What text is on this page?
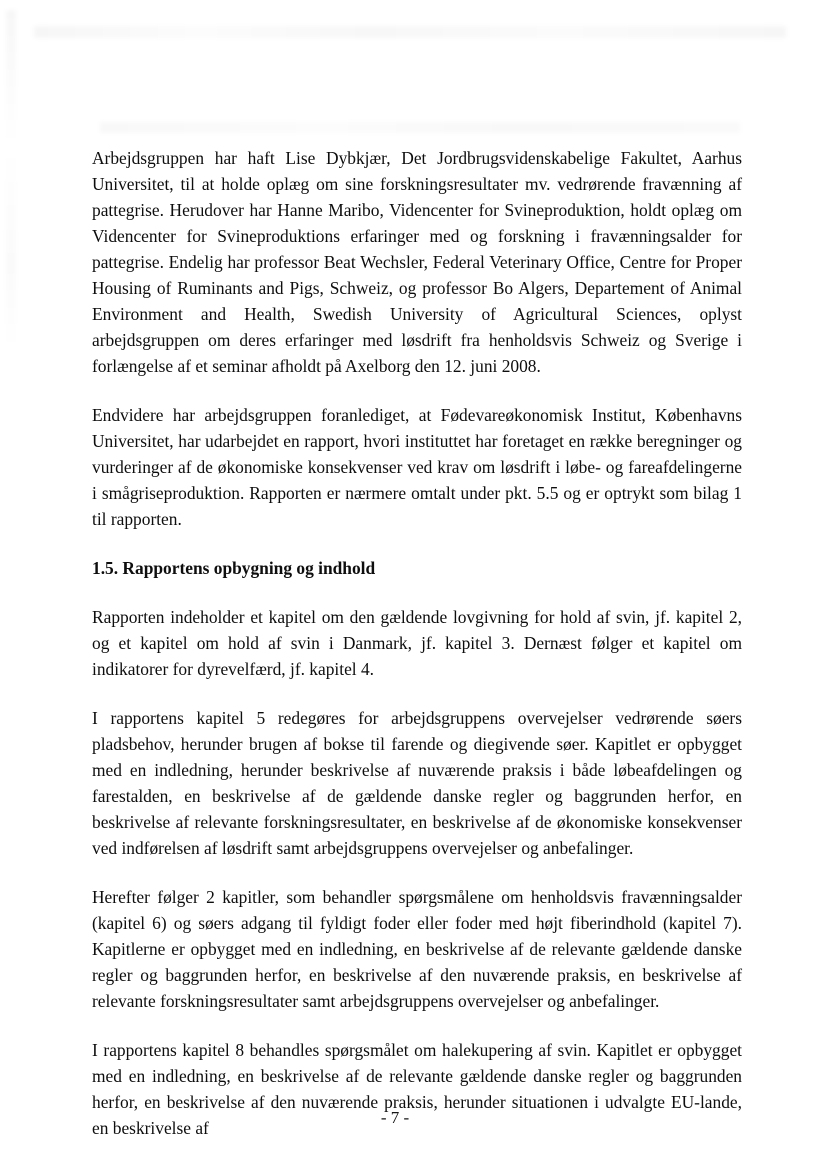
Arbejdsgruppen har haft Lise Dybkjær, Det Jordbrugsvidenskabelige Fakultet, Aarhus Universitet, til at holde oplæg om sine forskningsresultater mv. vedrørende fravænning af pattegrise. Herudover har Hanne Maribo, Videncenter for Svineproduktion, holdt oplæg om Videncenter for Svineproduktions erfaringer med og forskning i fravænningsalder for pattegrise. Endelig har professor Beat Wechsler, Federal Veterinary Office, Centre for Proper Housing of Ruminants and Pigs, Schweiz, og professor Bo Algers, Departement of Animal Environment and Health, Swedish University of Agricultural Sciences, oplyst arbejdsgruppen om deres erfaringer med løsdrift fra henholdsvis Schweiz og Sverige i forlængelse af et seminar afholdt på Axelborg den 12. juni 2008.

Endvidere har arbejdsgruppen foranlediget, at Fødevareøkonomisk Institut, Københavns Universitet, har udarbejdet en rapport, hvori instituttet har foretaget en række beregninger og vurderinger af de økonomiske konsekvenser ved krav om løsdrift i løbe- og fareafdelingerne i smågriseproduktion. Rapporten er nærmere omtalt under pkt. 5.5 og er optrykt som bilag 1 til rapporten.

1.5. Rapportens opbygning og indhold

Rapporten indeholder et kapitel om den gældende lovgivning for hold af svin, jf. kapitel 2, og et kapitel om hold af svin i Danmark, jf. kapitel 3. Dernæst følger et kapitel om indikatorer for dyrevelfærd, jf. kapitel 4.

I rapportens kapitel 5 redegøres for arbejdsgruppens overvejelser vedrørende søers pladsbehov, herunder brugen af bokse til farende og diegivende søer. Kapitlet er opbygget med en indledning, herunder beskrivelse af nuværende praksis i både løbeafdelingen og farestalden, en beskrivelse af de gældende danske regler og baggrunden herfor, en beskrivelse af relevante forskningsresultater, en beskrivelse af de økonomiske konsekvenser ved indførelsen af løsdrift samt arbejdsgruppens overvejelser og anbefalinger.

Herefter følger 2 kapitler, som behandler spørgsmålene om henholdsvis fravænningsalder (kapitel 6) og søers adgang til fyldigt foder eller foder med højt fiberindhold (kapitel 7). Kapitlerne er opbygget med en indledning, en beskrivelse af de relevante gældende danske regler og baggrunden herfor, en beskrivelse af den nuværende praksis, en beskrivelse af relevante forskningsresultater samt arbejdsgruppens overvejelser og anbefalinger.

I rapportens kapitel 8 behandles spørgsmålet om halekupering af svin. Kapitlet er opbygget med en indledning, en beskrivelse af de relevante gældende danske regler og baggrunden herfor, en beskrivelse af den nuværende praksis, herunder situationen i udvalgte EU-lande, en beskrivelse af

- 7 -
